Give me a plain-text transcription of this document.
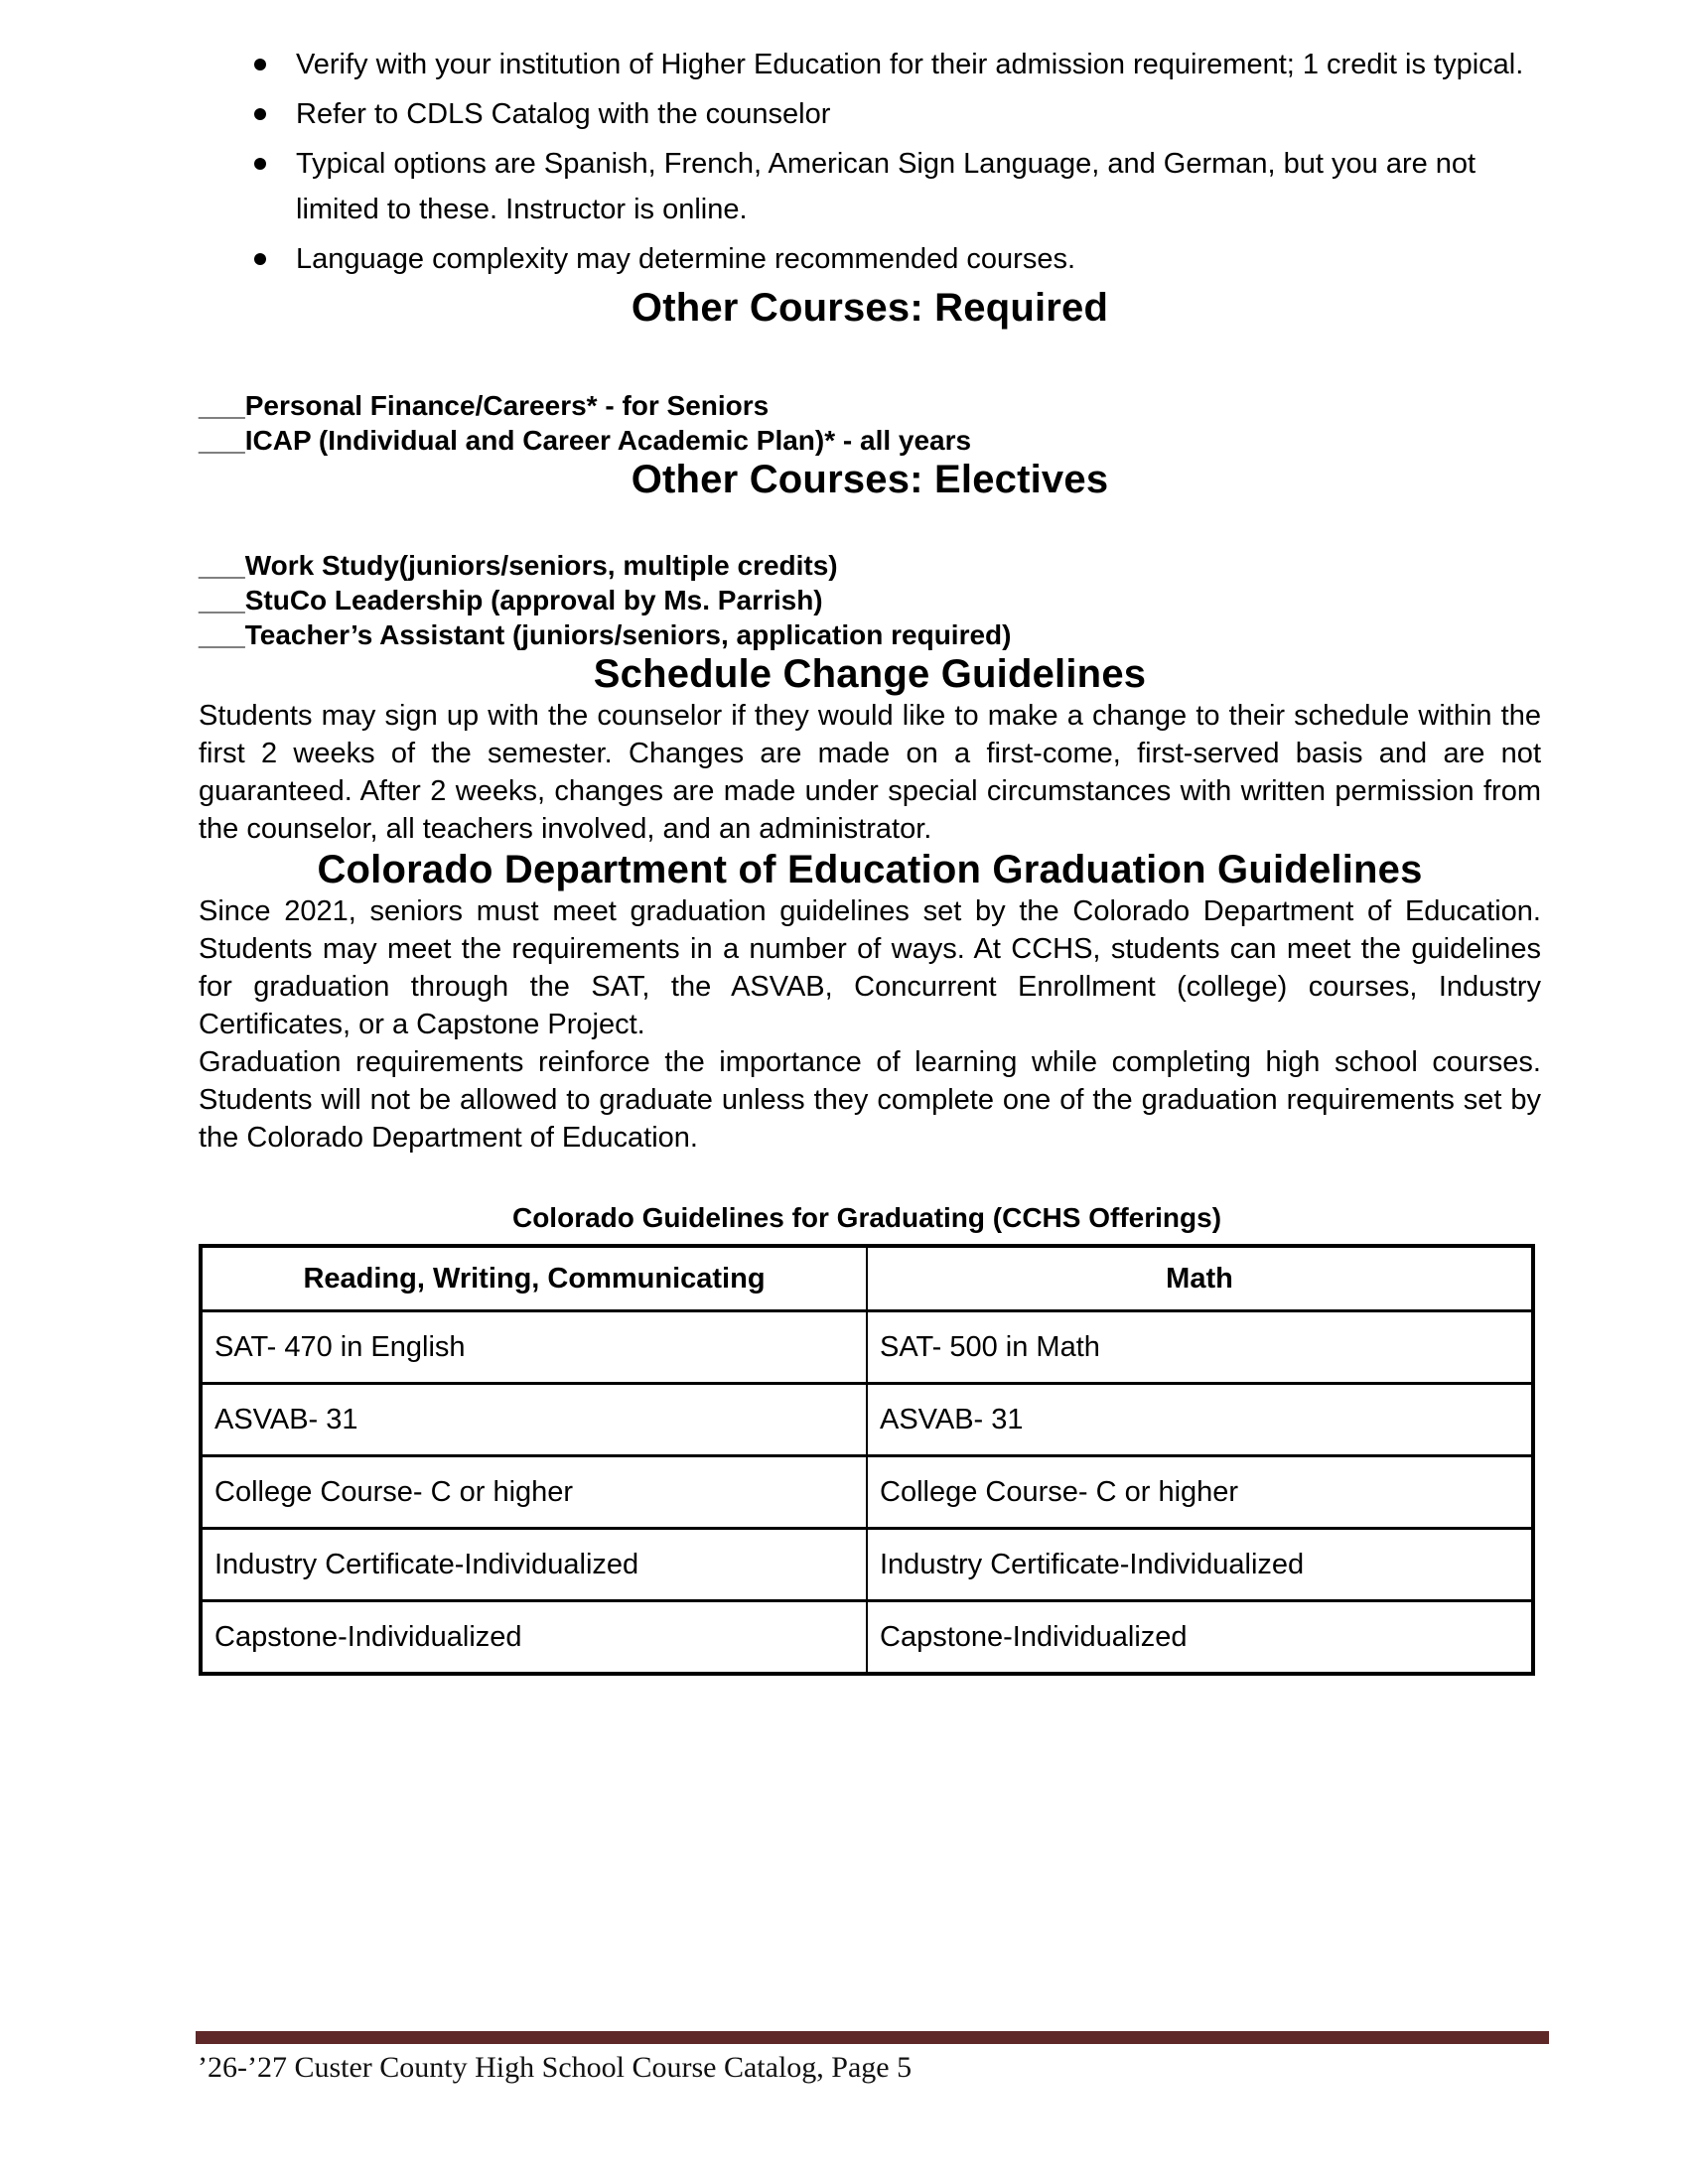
Verify with your institution of Higher Education for their admission requirement; 1 credit is typical.
Refer to CDLS Catalog with the counselor
Typical options are Spanish, French, American Sign Language, and German, but you are not limited to these. Instructor is online.
Language complexity may determine recommended courses.
Other Courses: Required

___Personal Finance/Careers* - for Seniors

___ICAP (Individual and Career Academic Plan)* - all years

Other Courses: Electives

___Work Study(juniors/seniors, multiple credits)

___StuCo Leadership (approval by Ms. Parrish)

___Teacher’s Assistant (juniors/seniors, application required)

Schedule Change Guidelines

Students may sign up with the counselor if they would like to make a change to their schedule within the first 2 weeks of the semester. Changes are made on a first-come, first-served basis and are not guaranteed. After 2 weeks, changes are made under special circumstances with written permission from the counselor, all teachers involved, and an administrator.

Colorado Department of Education Graduation Guidelines

Since 2021, seniors must meet graduation guidelines set by the Colorado Department of Education. Students may meet the requirements in a number of ways. At CCHS, students can meet the guidelines for graduation through the SAT, the ASVAB, Concurrent Enrollment (college) courses, Industry Certificates, or a Capstone Project.

Graduation requirements reinforce the importance of learning while completing high school courses. Students will not be allowed to graduate unless they complete one of the graduation requirements set by the Colorado Department of Education.

Colorado Guidelines for Graduating (CCHS Offerings)

Reading, Writing, Communicating	Math
SAT- 470 in English	SAT- 500 in Math
ASVAB- 31	ASVAB- 31
College Course- C or higher	College Course- C or higher
Industry Certificate-Individualized	Industry Certificate-Individualized
Capstone-Individualized	Capstone-Individualized

’26-’27 Custer County High School Course Catalog, Page 5
